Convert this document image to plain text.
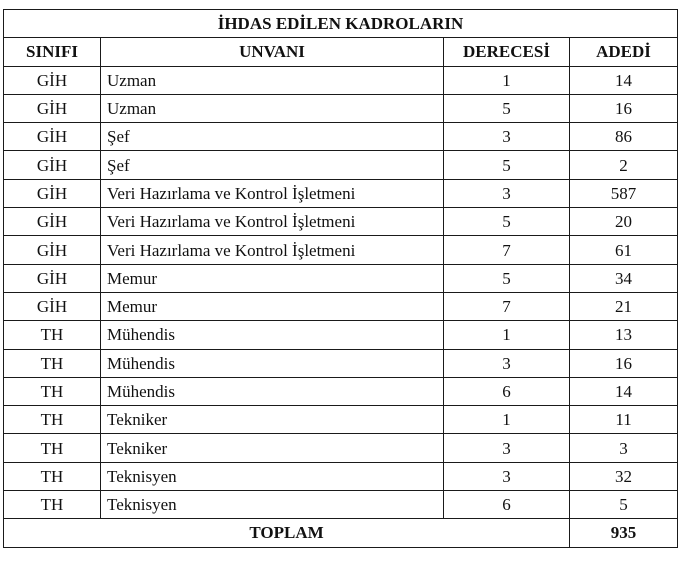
İHDAS EDİLEN KADROLARIN			
SINIFI	UNVANI	DERECESİ	ADEDİ
GİH	Uzman	1	14
GİH	Uzman	5	16
GİH	Şef	3	86
GİH	Şef	5	2
GİH	Veri Hazırlama ve Kontrol İşletmeni	3	587
GİH	Veri Hazırlama ve Kontrol İşletmeni	5	20
GİH	Veri Hazırlama ve Kontrol İşletmeni	7	61
GİH	Memur	5	34
GİH	Memur	7	21
TH	Mühendis	1	13
TH	Mühendis	3	16
TH	Mühendis	6	14
TH	Tekniker	1	11
TH	Tekniker	3	3
TH	Teknisyen	3	32
TH	Teknisyen	6	5
TOPLAM			935
